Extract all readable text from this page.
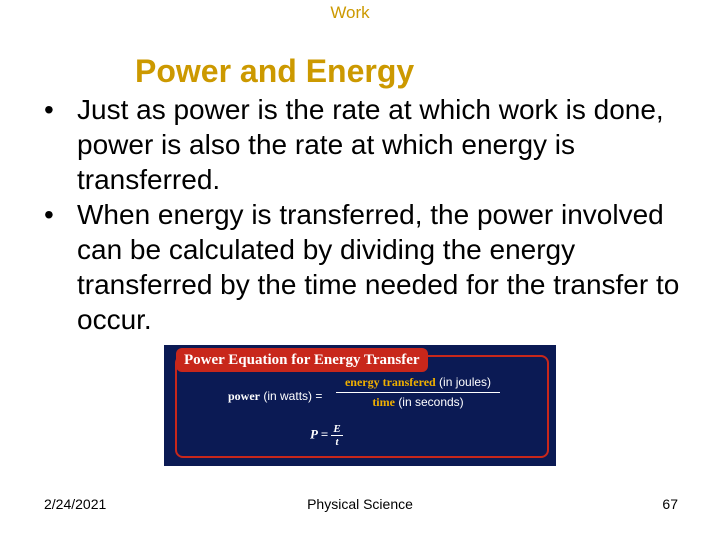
Work
Power and Energy
• Just as power is the rate at which work is done, power is also the rate at which energy is transferred.
• When energy is transferred, the power involved can be calculated by dividing the energy transferred by the time needed for the transfer to occur.
Power Equation for Energy Transfer
power (in watts) =
energy transfered (in joules)
time (in seconds)
$P = \frac{E}{t}$
2/24/2021	Physical Science	67
